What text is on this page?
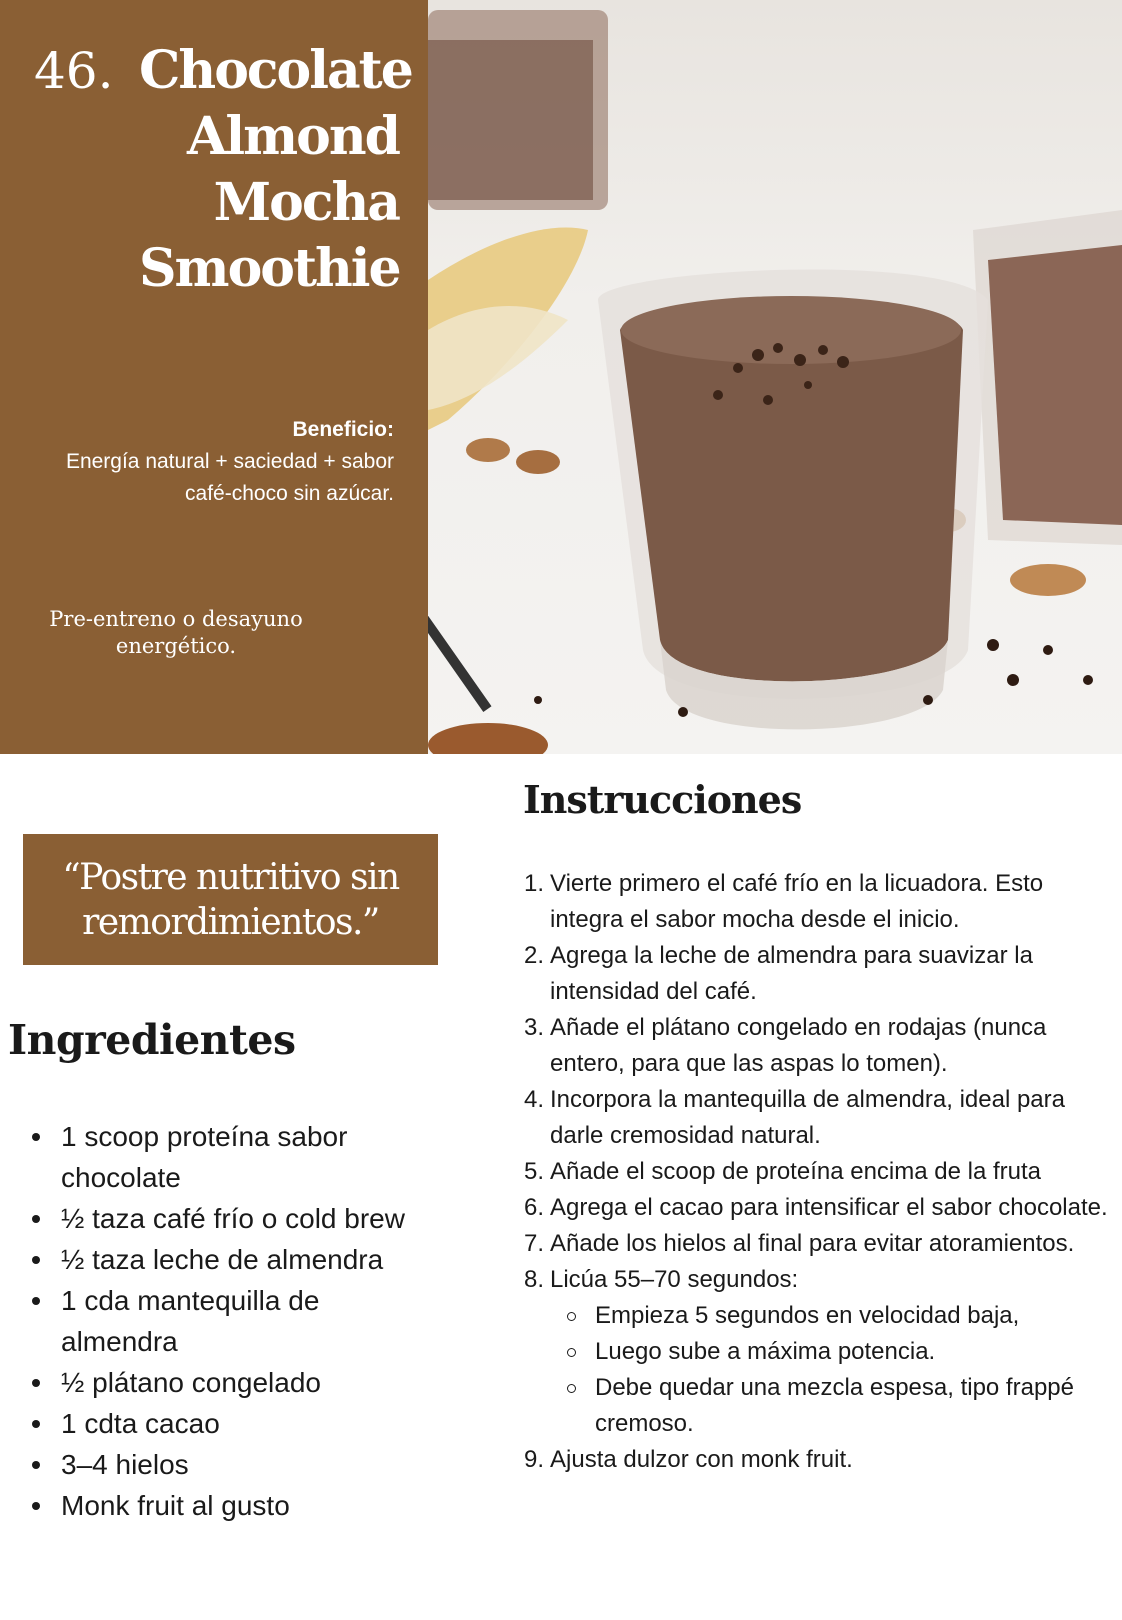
46. Chocolate
Almond
Mocha
Smoothie
Beneficio:
Energía natural + saciedad + sabor café-choco sin azúcar.
Pre-entreno o desayuno energético.
“Postre nutritivo sin remordimientos.”
Ingredientes
1 scoop proteína sabor chocolate
½ taza café frío o cold brew
½ taza leche de almendra
1 cda mantequilla de almendra
½ plátano congelado
1 cdta cacao
3–4 hielos
Monk fruit al gusto
Instrucciones
1. Vierte primero el café frío en la licuadora. Esto integra el sabor mocha desde el inicio.
2. Agrega la leche de almendra para suavizar la intensidad del café.
3. Añade el plátano congelado en rodajas (nunca entero, para que las aspas lo tomen).
4. Incorpora la mantequilla de almendra, ideal para darle cremosidad natural.
5. Añade el scoop de proteína encima de la fruta
6. Agrega el cacao para intensificar el sabor chocolate.
7. Añade los hielos al final para evitar atoramientos.
8. Licúa 55–70 segundos:
Empieza 5 segundos en velocidad baja,
Luego sube a máxima potencia.
Debe quedar una mezcla espesa, tipo frappé cremoso.
9. Ajusta dulzor con monk fruit.
